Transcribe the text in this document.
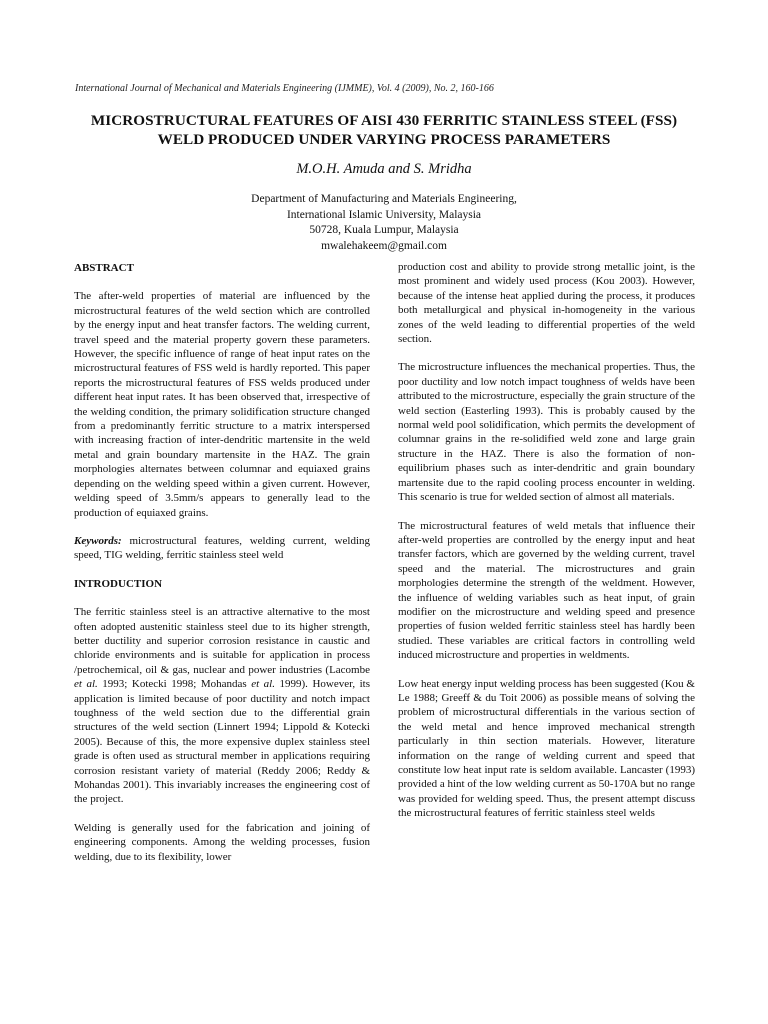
International Journal of Mechanical and Materials Engineering (IJMME), Vol. 4 (2009), No. 2, 160-166
MICROSTRUCTURAL FEATURES OF AISI 430 FERRITIC STAINLESS STEEL (FSS)
WELD PRODUCED UNDER VARYING PROCESS PARAMETERS
M.O.H. Amuda and S. Mridha
Department of Manufacturing and Materials Engineering,
International Islamic University, Malaysia
50728, Kuala Lumpur, Malaysia
mwalehakeem@gmail.com
ABSTRACT

The after-weld properties of material are influenced by the microstructural features of the weld section which are controlled by the energy input and heat transfer factors. The welding current, travel speed and the material property govern these parameters. However, the specific influence of range of heat input rates on the microstructural features of FSS weld is hardly reported. This paper reports the microstructural features of FSS welds produced under different heat input rates. It has been observed that, irrespective of the welding condition, the primary solidification structure changed from a predominantly ferritic structure to a matrix interspersed with increasing fraction of inter-dendritic martensite in the weld metal and grain boundary martensite in the HAZ. The grain morphologies alternates between columnar and equiaxed grains depending on the welding speed within a given current. However, welding speed of 3.5mm/s appears to generally lead to the production of equiaxed grains.

Keywords: microstructural features, welding current, welding speed, TIG welding, ferritic stainless steel weld

INTRODUCTION

The ferritic stainless steel is an attractive alternative to the most often adopted austenitic stainless steel due to its higher strength, better ductility and superior corrosion resistance in caustic and chloride environments and is suitable for application in process /petrochemical, oil & gas, nuclear and power industries (Lacombe et al. 1993; Kotecki 1998; Mohandas et al. 1999). However, its application is limited because of poor ductility and notch impact toughness of the weld section due to the differential grain structures of the weld section (Linnert 1994; Lippold & Kotecki 2005). Because of this, the more expensive duplex stainless steel grade is often used as structural member in applications requiring corrosion resistant variety of material (Reddy 2006; Reddy & Mohandas 2001). This invariably increases the engineering cost of the project.

Welding is generally used for the fabrication and joining of engineering components. Among the welding processes, fusion welding, due to its flexibility, lower

production cost and ability to provide strong metallic joint, is the most prominent and widely used process (Kou 2003). However, because of the intense heat applied during the process, it produces both metallurgical and physical in-homogeneity in the various zones of the weld leading to differential properties of the weld section.

The microstructure influences the mechanical properties. Thus, the poor ductility and low notch impact toughness of welds have been attributed to the microstructure, especially the grain structure of the weld section (Easterling 1993). This is probably caused by the normal weld pool solidification, which permits the development of columnar grains in the re-solidified weld zone and large grain structure in the HAZ. There is also the formation of non-equilibrium phases such as inter-dendritic and grain boundary martensite due to the rapid cooling process encounter in welding. This scenario is true for welded section of almost all materials.

The microstructural features of weld metals that influence their after-weld properties are controlled by the energy input and heat transfer factors, which are governed by the welding current, travel speed and the material. The microstructures and grain morphologies determine the strength of the weldment. However, the influence of welding variables such as heat input, of grain modifier on the microstructure and welding speed and presence properties of fusion welded ferritic stainless steel has hardly been studied. These variables are critical factors in controlling weld induced microstructure and properties in weldments.

Low heat energy input welding process has been suggested (Kou & Le 1988; Greeff & du Toit 2006) as possible means of solving the problem of microstructural differentials in the various section of the weld metal and hence improved mechanical strength particularly in thin section materials. However, literature information on the range of welding current and speed that constitute low heat input rate is seldom available. Lancaster (1993) provided a hint of the low welding current as 50-170A but no range was provided for welding speed. Thus, the present attempt discuss the microstructural features of ferritic stainless steel welds
